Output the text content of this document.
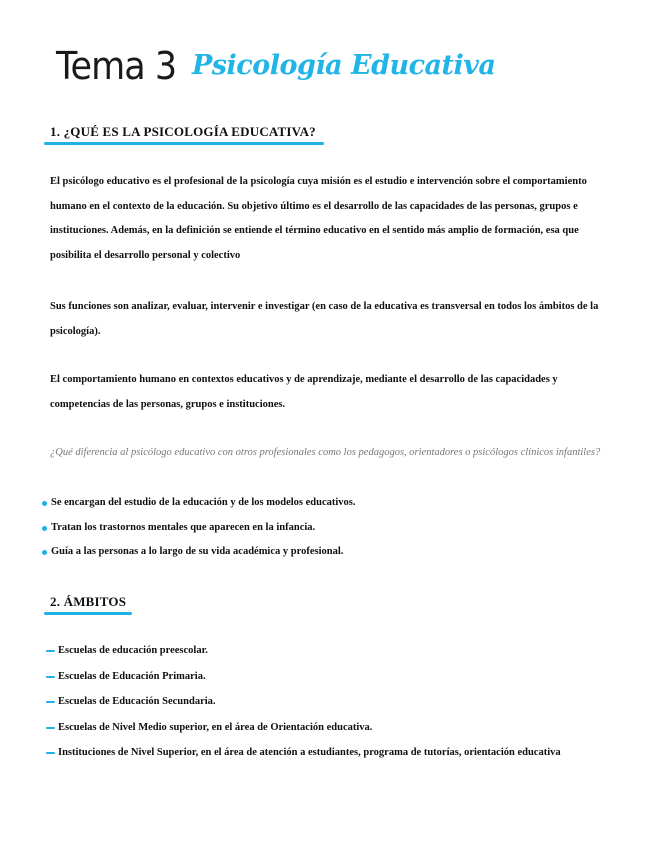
Tema 3 Psicología Educativa
1. ¿QUÉ ES LA PSICOLOGÍA EDUCATIVA?
El psicólogo educativo es el profesional de la psicología cuya misión es el estudio e intervención sobre el comportamiento humano en el contexto de la educación. Su objetivo último es el desarrollo de las capacidades de las personas, grupos e instituciones. Además, en la definición se entiende el término educativo en el sentido más amplio de formación, esa que posibilita el desarrollo personal y colectivo
Sus funciones son analizar, evaluar, intervenir e investigar (en caso de la educativa es transversal en todos los ámbitos de la psicología).
El comportamiento humano en contextos educativos y de aprendizaje, mediante el desarrollo de las capacidades y competencias de las personas, grupos e instituciones.
¿Qué diferencia al psicólogo educativo con otros profesionales como los pedagogos, orientadores o psicólogos clínicos infantiles?
Se encargan del estudio de la educación y de los modelos educativos.
Tratan los trastornos mentales que aparecen en la infancia.
Guía a las personas a lo largo de su vida académica y profesional.
2. ÁMBITOS
Escuelas de educación preescolar.
Escuelas de Educación Primaria.
Escuelas de Educación Secundaria.
Escuelas de Nivel Medio superior, en el área de Orientación educativa.
Instituciones de Nivel Superior, en el área de atención a estudiantes, programa de tutorías, orientación educativa
